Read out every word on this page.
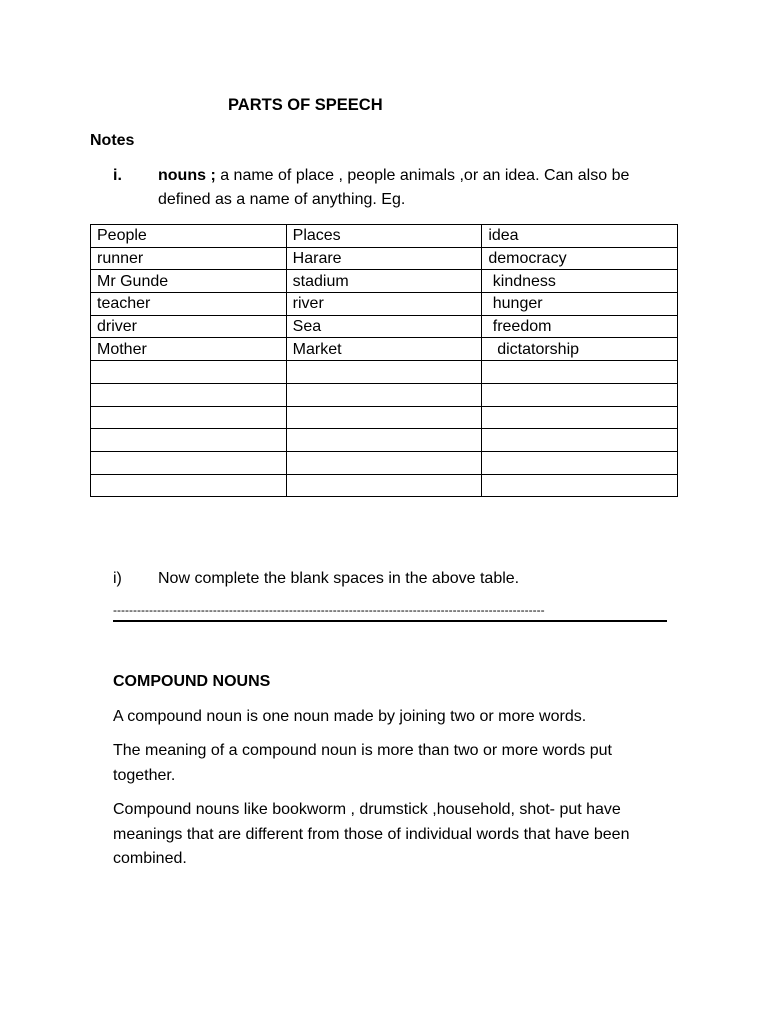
PARTS OF SPEECH
Notes
i. nouns ; a name of place , people animals ,or an idea. Can also be
defined as a name of anything. Eg.
People	Places	idea
runner	Harare	democracy
Mr Gunde	stadium	kindness
teacher	river	hunger
driver	Sea	freedom
Mother	Market	dictatorship

i) Now complete the blank spaces in the above table.
------------------------------------------------------------------------------------------------------------
COMPOUND NOUNS
A compound noun is one noun made by joining two or more words.
The meaning of a compound noun is more than two or more words put together.
Compound nouns like bookworm , drumstick ,household, shot- put have meanings that are different from those of individual words that have been combined.
